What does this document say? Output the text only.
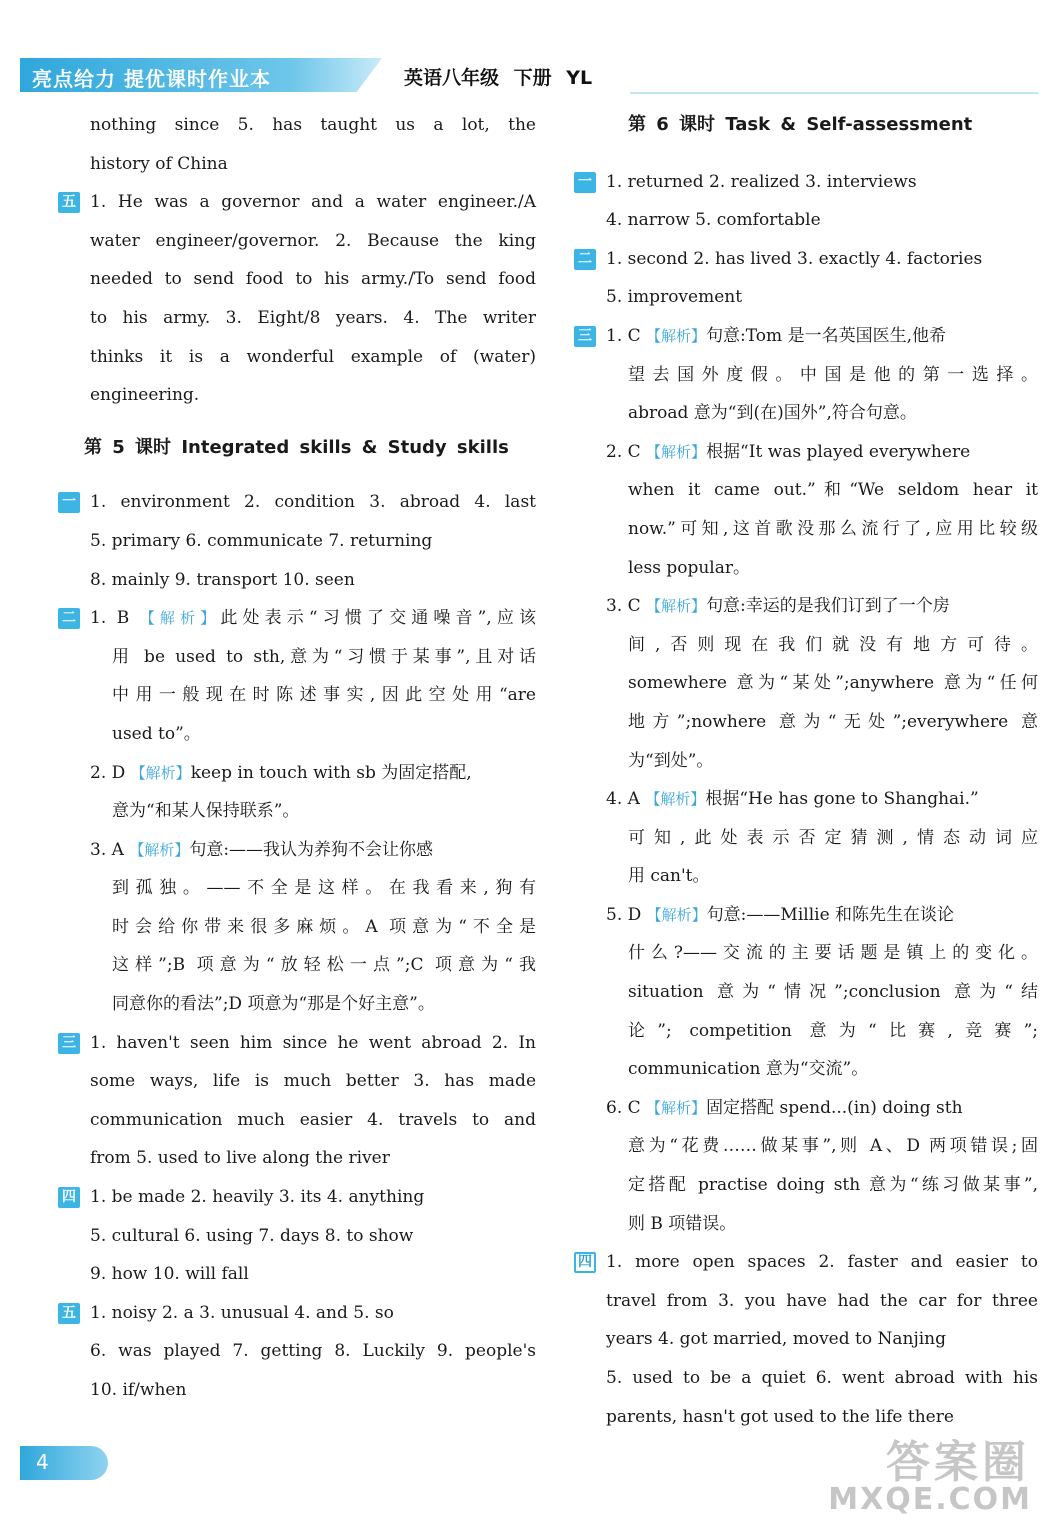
亮点给力 提优课时作业本	英语八年级 下册 YL
nothing since 5. has taught us a lot, the
history of China
五 1. He was a governor and a water engineer./A
water engineer/governor. 2. Because the king
needed to send food to his army./To send food
to his army. 3. Eight/8 years. 4. The writer
thinks it is a wonderful example of (water)
engineering.
第 5 课时 Integrated skills & Study skills
一 1. environment 2. condition 3. abroad 4. last
5. primary 6. communicate 7. returning
8. mainly 9. transport 10. seen
二 1. B 【解析】此处表示“习惯了交通噪音”,应该
用 be used to sth,意为“习惯于某事”,且对话
中用一般现在时陈述事实,因此空处用“are
used to”。
2. D 【解析】keep in touch with sb 为固定搭配,
意为“和某人保持联系”。
3. A 【解析】句意:——我认为养狗不会让你感
到孤独。——不全是这样。在我看来,狗有
时会给你带来很多麻烦。A 项意为“不全是
这样”;B 项意为“放轻松一点”;C 项意为“我
同意你的看法”;D 项意为“那是个好主意”。
三 1. haven't seen him since he went abroad 2. In
some ways, life is much better 3. has made
communication much easier 4. travels to and
from 5. used to live along the river
四 1. be made 2. heavily 3. its 4. anything
5. cultural 6. using 7. days 8. to show
9. how 10. will fall
五 1. noisy 2. a 3. unusual 4. and 5. so
6. was played 7. getting 8. Luckily 9. people's
10. if/when
第 6 课时 Task & Self-assessment
一 1. returned 2. realized 3. interviews
4. narrow 5. comfortable
二 1. second 2. has lived 3. exactly 4. factories
5. improvement
三 1. C 【解析】句意:Tom 是一名英国医生,他希
望去国外度假。中国是他的第一选择。
abroad 意为“到(在)国外”,符合句意。
2. C 【解析】根据“It was played everywhere
when it came out.”和“We seldom hear it
now.”可知,这首歌没那么流行了,应用比较级
less popular。
3. C 【解析】句意:幸运的是我们订到了一个房
间,否则现在我们就没有地方可待。
somewhere 意为“某处”;anywhere 意为“任何
地方”;nowhere 意为“无处”;everywhere 意
为“到处”。
4. A 【解析】根据“He has gone to Shanghai.”
可知,此处表示否定猜测,情态动词应
用 can't。
5. D 【解析】句意:——Millie 和陈先生在谈论
什么?——交流的主要话题是镇上的变化。
situation 意为“情况”;conclusion 意为“结
论”; competition 意为“比赛,竞赛”;
communication 意为“交流”。
6. C 【解析】固定搭配 spend...(in) doing sth
意为“花费……做某事”,则 A、D 两项错误;固
定搭配 practise doing sth 意为“练习做某事”,
则 B 项错误。
四 1. more open spaces 2. faster and easier to
travel from 3. you have had the car for three
years 4. got married, moved to Nanjing
5. used to be a quiet 6. went abroad with his
parents, hasn't got used to the life there
4	答案圈
MXQE.COM
